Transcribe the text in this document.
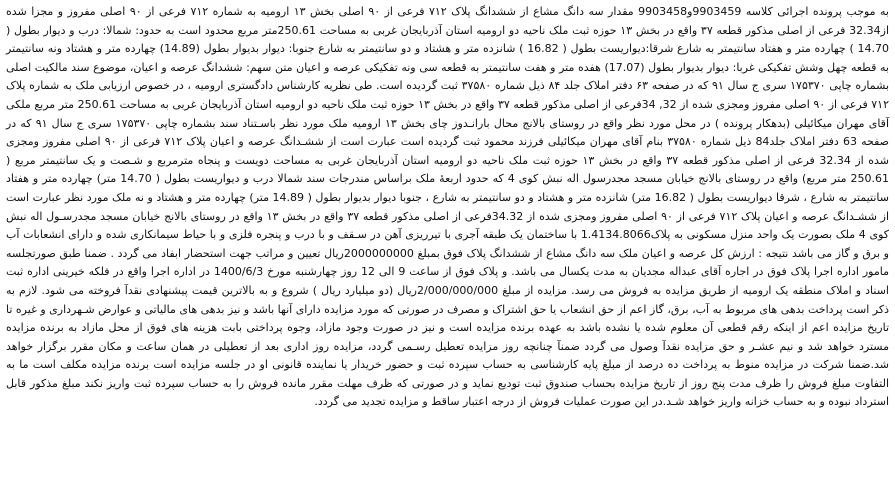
به موجب پرونده اجرائی کلاسه 9903459و9903458 مقدار سه دانگ مشاع از ششدانگ پلاک ۷۱۲ فرعی از ۹۰ اصلی بخش ۱۳ ارومیه به شماره ۷۱۲ فرعی از ۹۰ اصلی مفروز و مجزا شده از32.34 فرعی از اصلی مذکور قطعه ۳۷ واقع در بخش ۱۳ حوزه ثبت ملک ناحیه دو ارومیه استان آذربایجان غربی به مساحت 250.61متر مربع محدود است به حدود: شمالا: درب و دیوار بطول ( 14.70 ) چهارده متر و هفتاد سانتیمتر به شارع شرقا:دیواریست بطول ( 16.82 ) شانزده متر و هشتاد و دو سانتیمتر به شارع جنوبا: دیوار بدیوار بطول (14.89) چهارده متر و هشتاد ونه سانتیمتر به قطعه چهل وشش تفکیکی غربا: دیوار بدیوار بطول (17.07) هفده متر و هفت سانتیمتر به قطعه سی ونه تفکیکی عرصه و اعیان متن سهم: ششدانگ عرصه و اعیان، موضوع سند مالکیت اصلی بشماره چاپی ۱۷۵۳۷۰ سری ج سال ۹۱ که در صفحه ۶۳ دفتر املاک جلد ۸۴ ذیل شماره ۳۷۵۸۰ ثبت گردیده است. طی نظریه کارشناس دادگستری ارومیه ، در خصوص ارزیابی ملک به شماره پلاک ۷۱۲ فرعی از ۹۰ اصلی مفروز ومجزی شده از 32, 34فرعی از اصلی مذکور قطعه ۳۷ واقع در بخش ۱۳ حوزه ثبت ملک ناحیه دو ارومیه استان آذربایجان غربی به مساحت 250.61 متر مربع ملکی آقای مهران میکائیلی (بدهکار پرونده ) در محل مورد نظر واقع در روستای بالانج محال بارانـدوز چای بخش ۱۳ ارومیه ملک مورد نظر باسـتناد سند بشماره چاپی ۱۷۵۳۷۰ سری ج سال ۹۱ که در صفحه 63 دفتر املاک جلد84 ذیل شماره ۳۷۵۸۰ بنام آقای مهران میکائیلی فرزند محمود ثبت گردیده است عبارت است از ششـدانگ عرصه و اعیان پلاک ۷۱۲ فرعی از ۹۰ اصلی مفروز ومجزی شده از 32.34 فرعی از اصلی مذکور قطعه ۳۷ واقع در بخش ۱۳ حوزه ثبت ملک ناحیه دو ارومیه استان آذربایجان غربی به مساحت دویست و پنجاه مترمربع و شـصت و یک سانتیمتر مربع ( 250.61 متر مربع) واقع در روستای بالانج خیابان مسجد مجدرسول اله نبش کوی 4 که حدود اربعۀ ملک براساس مندرجات سند شمالا درب و دیواریست بطول ( 14.70 متر) چهارده متر و هفتاد سانتیمتر به شارع ، شرقا دیواریست بطول ( 16.82 متر) شانزده متر و هشتاد و دو سانتیمتر به شارع ، جنوبا دیوار بدیوار بطول ( 14.89 متر) چهارده متر و هشتاد و نه ملک مورد نظر عبارت است از ششـدانگ عرصه و اعیان پلاک ۷۱۲ فرعی از ۹۰ اصلی مفروز ومجزی شده از 34.32فرعی از اصلی مذکور قطعه ۳۷ واقع در بخش ۱۳ واقع در روستای بالانج خیابان مسجد مجدرسـول اله نبش کوی 4 ملک بصورت یک واحد منزل مسکونی به پلاک1.4134.8066 با ساختمان یک طبقه آجری با تیرریزی آهن در سـقف و با درب و پنجره فلزی و با حیاط سیمانکاری شده و دارای انشعابات آب و برق و گاز می باشد نتیجه : ارزش کل عرصه و اعیان ملک سه دانگ مشاع از ششدانگ پلاک فوق بمبلغ 2000000000ریال تعیین و مراتب جهت استحضار ابفاد می گردد . ضمنا طبق صورتجلسه مامور اداره اجرا پلاک فوق در اجاره آقای عبداله مجدیان به مدت یکسال می باشد. و پلاک فوق از ساعت 9 الی 12 روز چهارشنبه مورخ 1400/6/3 در اداره اجرا واقع در فلکه خیرینی اداره ثبت اسناد و املاک منطقه یک ارومیه از طریق مزایده به فروش می رسد. مزایده از مبلغ 2/000/000/000ریال (دو میلیارد ریال ) شروع و به بالاترین قیمت پیشنهادی نقدآ فروخته می شود. لازم به ذکر است پرداخت بدهی های مربوط به آب، برق، گاز اعم از حق انشعاب یا حق اشتراک و مصرف در صورتی که مورد مزایده دارای آنها باشد و نیز بدهی های مالیاتی و عوارض شـهرداری و غیره تا تاریخ مزایده اعم از اینکه رقم قطعی آن معلوم شده یا نشده باشد به عهده برنده مزایده است و نیز در صورت وجود مازاد، وجوه پرداختی بابت هزینه های فوق از محل مازاد به برنده مزایده مسترد خواهد شد و نیم عشـر و حق مزایده نقدآ وصول می گردد ضمنآ چنانچه روز مزایده تعطیل رسـمی گردد، مزایده روز اداری بعد از تعطیلی در همان ساعت و مکان مقرر برگزار خواهد شد.ضمنا شرکت در مزایده منوط به پرداخت ده درصد از مبلغ پایه کارشناسی به حساب سپرده ثبت و حضور خریدار یا نماینده قانونی او در جلسه مزایده است برنده مزایده مکلف است ما به التفاوت مبلغ فروش را ظرف مدت پنج روز از تاریخ مزایده بحساب صندوق ثبت تودیع نماید و در صورتی که ظرف مهلت مقرر مانده فروش را به حساب سپرده ثبت واریز نکند مبلغ مذکور قابل استرداد نبوده و به حساب خزانه واریز خواهد شـد.در این صورت عملیات فروش از درجه اعتبار ساقط و مزایده تجدید می گردد.
